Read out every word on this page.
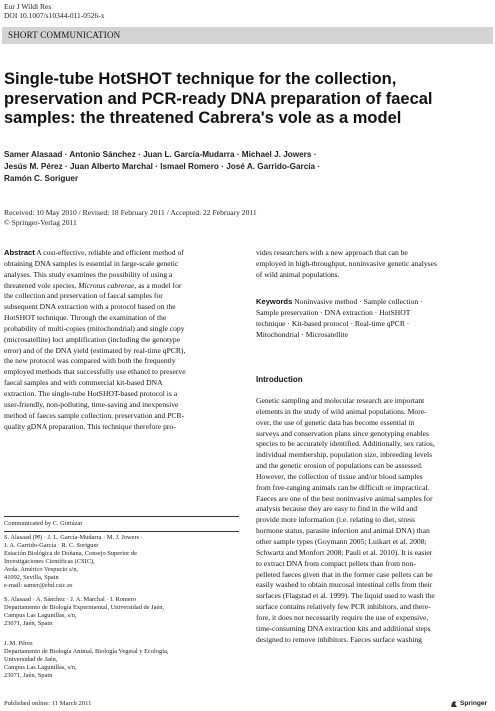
Eur J Wildl Res
DOI 10.1007/s10344-011-0526-x
SHORT COMMUNICATION
Single-tube HotSHOT technique for the collection, preservation and PCR-ready DNA preparation of faecal samples: the threatened Cabrera's vole as a model
Samer Alasaad · Antonio Sánchez · Juan L. García-Mudarra · Michael J. Jowers ·
Jesús M. Pérez · Juan Alberto Marchal · Ismael Romero · José A. Garrido-García ·
Ramón C. Soriguer
Received: 10 May 2010 / Revised: 18 February 2011 / Accepted: 22 February 2011
© Springer-Verlag 2011

Abstract A cost-effective, reliable and efficient method of

obtaining DNA samples is essential in large-scale genetic

analyses. This study examines the possibility of using a

threatened vole species, Microtus cabrerae, as a model for

the collection and preservation of faecal samples for

subsequent DNA extraction with a protocol based on the

HotSHOT technique. Through the examination of the

probability of multi-copies (mitochondrial) and single copy

(microsatellite) loci amplification (including the genotype

error) and of the DNA yield (estimated by real-time qPCR),

the new protocol was compared with both the frequently

employed methods that successfully use ethanol to preserve

faecal samples and with commercial kit-based DNA

extraction. The single-tube HotSHOT-based protocol is a

user-friendly, non-polluting, time-saving and inexpensive

method of faeces sample collection, preservation and PCR-

quality gDNA preparation. This technique therefore pro-

Communicated by C. Gortázar

S. Alasaad (✉) · J. L. García-Mudarra · M. J. Jowers ·

J. A. Garrido-García · R. C. Soriguer

Estación Biológica de Doñana, Consejo Superior de

Investigaciones Científicas (CSIC),

Avda. Américo Vespucio s/n,

41092, Sevilla, Spain

e-mail: samer@ebd.csic.es

S. Alasaad · A. Sánchez · J. A. Marchal · I. Romero

Departamento de Biología Experimental, Universidad de Jaén,

Campus Las Lagunillas, s/n,

23071, Jaén, Spain

J. M. Pérez

Departamento de Biología Animal, Biología Vegetal y Ecología,

Universidad de Jaén,

Campus Las Lagunillas, s/n,

23071, Jaén, Spain

vides researchers with a new approach that can be

employed in high-throughput, noninvasive genetic analyses

of wild animal populations.

Keywords Noninvasive method · Sample collection ·

Sample preservation · DNA extraction · HotSHOT

technique · Kit-based protocol · Real-time qPCR ·

Mitochondrial · Microsatellite

Introduction

Genetic sampling and molecular research are important

elements in the study of wild animal populations. More-

over, the use of genetic data has become essential in

surveys and conservation plans since genotyping enables

species to be accurately identified. Additionally, sex ratios,

individual membership, population size, inbreeding levels

and the genetic erosion of populations can be assessed.

However, the collection of tissue and/or blood samples

from free-ranging animals can be difficult or impractical.

Faeces are one of the best noninvasive animal samples for

analysis because they are easy to find in the wild and

provide more information (i.e. relating to diet, stress

hormone status, parasite infection and animal DNA) than

other sample types (Goymann 2005; Luikart et al. 2008;

Schwartz and Monfort 2008; Pauli et al. 2010). It is easier

to extract DNA from compact pellets than from non-

pelleted faeces given that in the former case pellets can be

easily washed to obtain mucosal intestinal cells from their

surfaces (Flagstad et al. 1999). The liquid used to wash the

surface contains relatively few PCR inhibitors, and there-

fore, it does not necessarily require the use of expensive,

time-consuming DNA extraction kits and additional steps

designed to remove inhibitors. Faeces surface washing

Published online: 11 March 2011	Springer
